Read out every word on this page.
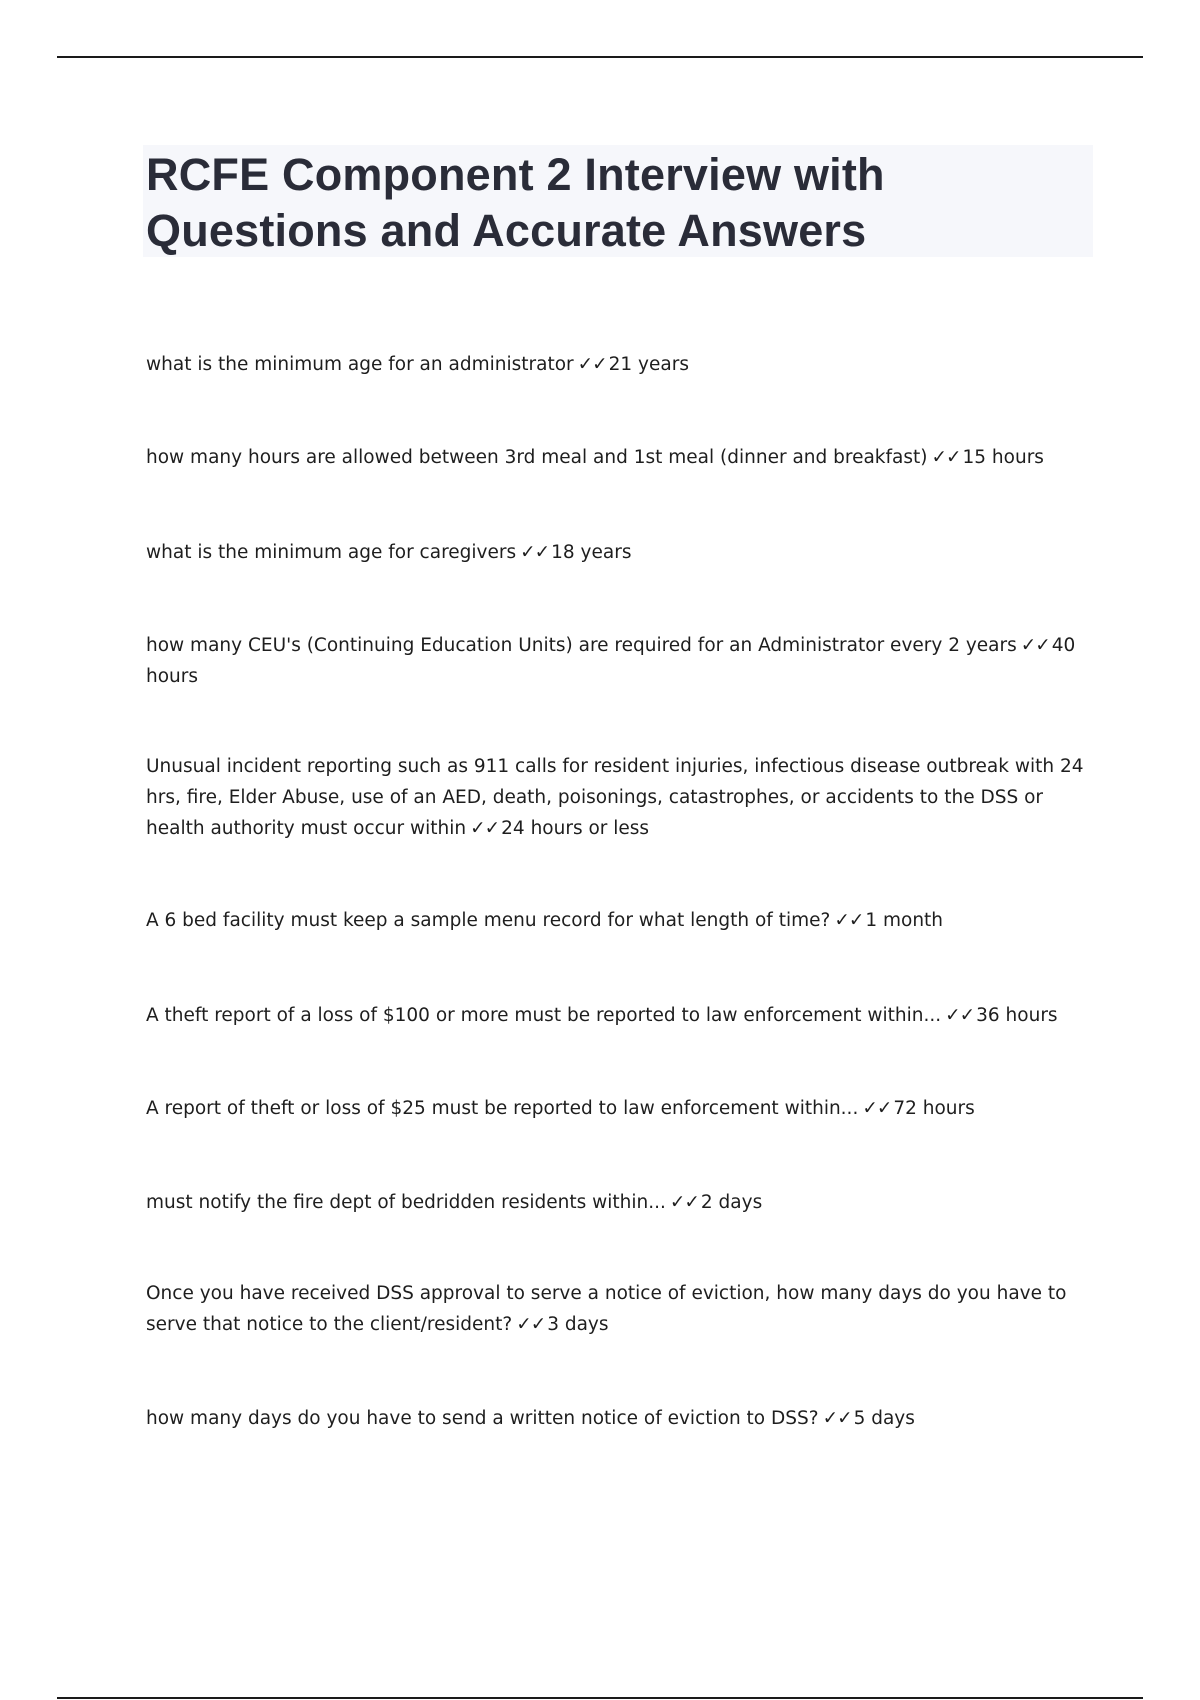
RCFE Component 2 Interview with Questions and Accurate Answers

what is the minimum age for an administrator ✓✓ 21 years

how many hours are allowed between 3rd meal and 1st meal (dinner and breakfast) ✓✓ 15 hours

what is the minimum age for caregivers ✓✓ 18 years

how many CEU's (Continuing Education Units) are required for an Administrator every 2 years ✓✓ 40 hours

Unusual incident reporting such as 911 calls for resident injuries, infectious disease outbreak with 24 hrs, fire, Elder Abuse, use of an AED, death, poisonings, catastrophes, or accidents to the DSS or health authority must occur within ✓✓ 24 hours or less

A 6 bed facility must keep a sample menu record for what length of time? ✓✓ 1 month

A theft report of a loss of $100 or more must be reported to law enforcement within... ✓✓ 36 hours

A report of theft or loss of $25 must be reported to law enforcement within... ✓✓ 72 hours

must notify the fire dept of bedridden residents within... ✓✓ 2 days

Once you have received DSS approval to serve a notice of eviction, how many days do you have to serve that notice to the client/resident? ✓✓ 3 days

how many days do you have to send a written notice of eviction to DSS? ✓✓ 5 days
